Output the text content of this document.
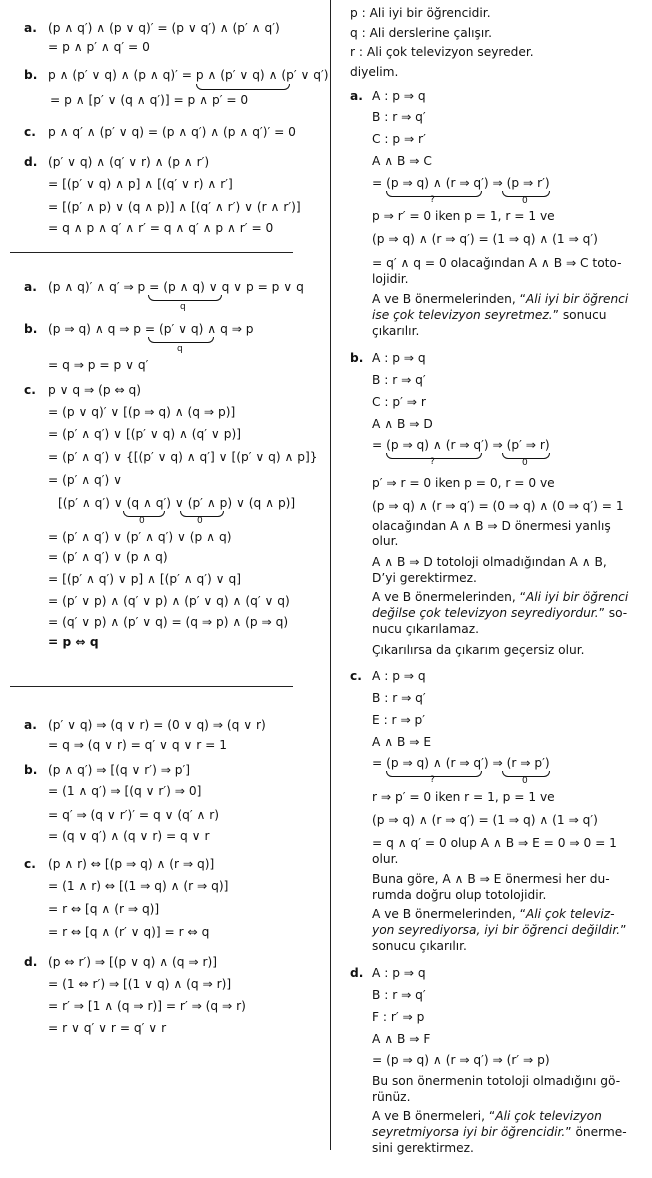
a. (p ∧ q′) ∧ (p ∨ q)′ = (p ∨ q′) ∧ (p′ ∧ q′)
= p ∧ p′ ∧ q′ = 0
b. p ∧ (p′ ∨ q) ∧ (p ∧ q)′ = p ∧ (p′ ∨ q) ∧ (p′ ∨ q′)
= p ∧ [p′ ∨ (q ∧ q′)] = p ∧ p′ = 0
c. p ∧ q′ ∧ (p′ ∨ q) = (p ∧ q′) ∧ (p ∧ q′)′ = 0
d. (p′ ∨ q) ∧ (q′ ∨ r) ∧ (p ∧ r′)
= [(p′ ∨ q) ∧ p] ∧ [(q′ ∨ r) ∧ r′]
= [(p′ ∧ p) ∨ (q ∧ p)] ∧ [(q′ ∧ r′) ∨ (r ∧ r′)]
= q ∧ p ∧ q′ ∧ r′ = q ∧ q′ ∧ p ∧ r′ = 0
a. (p ∧ q)′ ∧ q′ ⇒ p = (p ∧ q) ∨ q ∨ p = p ∨ q
q
b. (p ⇒ q) ∧ q ⇒ p = (p′ ∨ q) ∧ q ⇒ p
q
= q ⇒ p = p ∨ q′
c. p ∨ q ⇒ (p ⇔ q)
= (p ∨ q)′ ∨ [(p ⇒ q) ∧ (q ⇒ p)]
= (p′ ∧ q′) ∨ [(p′ ∨ q) ∧ (q′ ∨ p)]
= (p′ ∧ q′) ∨ {[(p′ ∨ q) ∧ q′] ∨ [(p′ ∨ q) ∧ p]}
= (p′ ∧ q′) ∨
[(p′ ∧ q′) ∨ (q ∧ q′) ∨ (p′ ∧ p) ∨ (q ∧ p)]
0	0
= (p′ ∧ q′) ∨ (p′ ∧ q′) ∨ (p ∧ q)
= (p′ ∧ q′) ∨ (p ∧ q)
= [(p′ ∧ q′) ∨ p] ∧ [(p′ ∧ q′) ∨ q]
= (p′ ∨ p) ∧ (q′ ∨ p) ∧ (p′ ∨ q) ∧ (q′ ∨ q)
= (q′ ∨ p) ∧ (p′ ∨ q) = (q ⇒ p) ∧ (p ⇒ q)
= p ⇔ q
a. (p′ ∨ q) ⇒ (q ∨ r) = (0 ∨ q) ⇒ (q ∨ r)
= q ⇒ (q ∨ r) = q′ ∨ q ∨ r = 1
b. (p ∧ q′) ⇒ [(q ∨ r′) ⇒ p′]
= (1 ∧ q′) ⇒ [(q ∨ r′) ⇒ 0]
= q′ ⇒ (q ∨ r′)′ = q ∨ (q′ ∧ r)
= (q ∨ q′) ∧ (q ∨ r) = q ∨ r
c. (p ∧ r) ⇔ [(p ⇒ q) ∧ (r ⇒ q)]
= (1 ∧ r) ⇔ [(1 ⇒ q) ∧ (r ⇒ q)]
= r ⇔ [q ∧ (r ⇒ q)]
= r ⇔ [q ∧ (r′ ∨ q)] = r ⇔ q
d. (p ⇔ r′) ⇒ [(p ∨ q) ∧ (q ⇒ r)]
= (1 ⇔ r′) ⇒ [(1 ∨ q) ∧ (q ⇒ r)]
= r′ ⇒ [1 ∧ (q ⇒ r)] = r′ ⇒ (q ⇒ r)
= r ∨ q′ ∨ r = q′ ∨ r
p : Ali iyi bir öğrencidir.
q : Ali derslerine çalışır.
r : Ali çok televizyon seyreder.
diyelim.
a. A : p ⇒ q
B : r ⇒ q′
C : p ⇒ r′
A ∧ B ⇒ C
= (p ⇒ q) ∧ (r ⇒ q′) ⇒ (p ⇒ r′)
?	0
p ⇒ r′ = 0 iken p = 1, r = 1 ve
(p ⇒ q) ∧ (r ⇒ q′) = (1 ⇒ q) ∧ (1 ⇒ q′)
= q′ ∧ q = 0 olacağından A ∧ B ⇒ C toto-
lojidir.
A ve B önermelerinden, “Ali iyi bir öğrenci
ise çok televizyon seyretmez.” sonucu
çıkarılır.
b. A : p ⇒ q
B : r ⇒ q′
C : p′ ⇒ r
A ∧ B ⇒ D
= (p ⇒ q) ∧ (r ⇒ q′) ⇒ (p′ ⇒ r)
?	0
p′ ⇒ r = 0 iken p = 0, r = 0 ve
(p ⇒ q) ∧ (r ⇒ q′) = (0 ⇒ q) ∧ (0 ⇒ q′) = 1
olacağından A ∧ B ⇒ D önermesi yanlış
olur.
A ∧ B ⇒ D totoloji olmadığından A ∧ B,
D’yi gerektirmez.
A ve B önermelerinden, “Ali iyi bir öğrenci
değilse çok televizyon seyrediyordur.” so-
nucu çıkarılamaz.
Çıkarılırsa da çıkarım geçersiz olur.
c. A : p ⇒ q
B : r ⇒ q′
E : r ⇒ p′
A ∧ B ⇒ E
= (p ⇒ q) ∧ (r ⇒ q′) ⇒ (r ⇒ p′)
?	0
r ⇒ p′ = 0 iken r = 1, p = 1 ve
(p ⇒ q) ∧ (r ⇒ q′) = (1 ⇒ q) ∧ (1 ⇒ q′)
= q ∧ q′ = 0 olup A ∧ B ⇒ E = 0 ⇒ 0 = 1
olur.
Buna göre, A ∧ B ⇒ E önermesi her du-
rumda doğru olup totolojidir.
A ve B önermelerinden, “Ali çok televiz-
yon seyrediyorsa, iyi bir öğrenci değildir.”
sonucu çıkarılır.
d. A : p ⇒ q
B : r ⇒ q′
F : r′ ⇒ p
A ∧ B ⇒ F
= (p ⇒ q) ∧ (r ⇒ q′) ⇒ (r′ ⇒ p)
Bu son önermenin totoloji olmadığını gö-
rünüz.
A ve B önermeleri, “Ali çok televizyon
seyretmiyorsa iyi bir öğrencidir.” önerme-
sini gerektirmez.
